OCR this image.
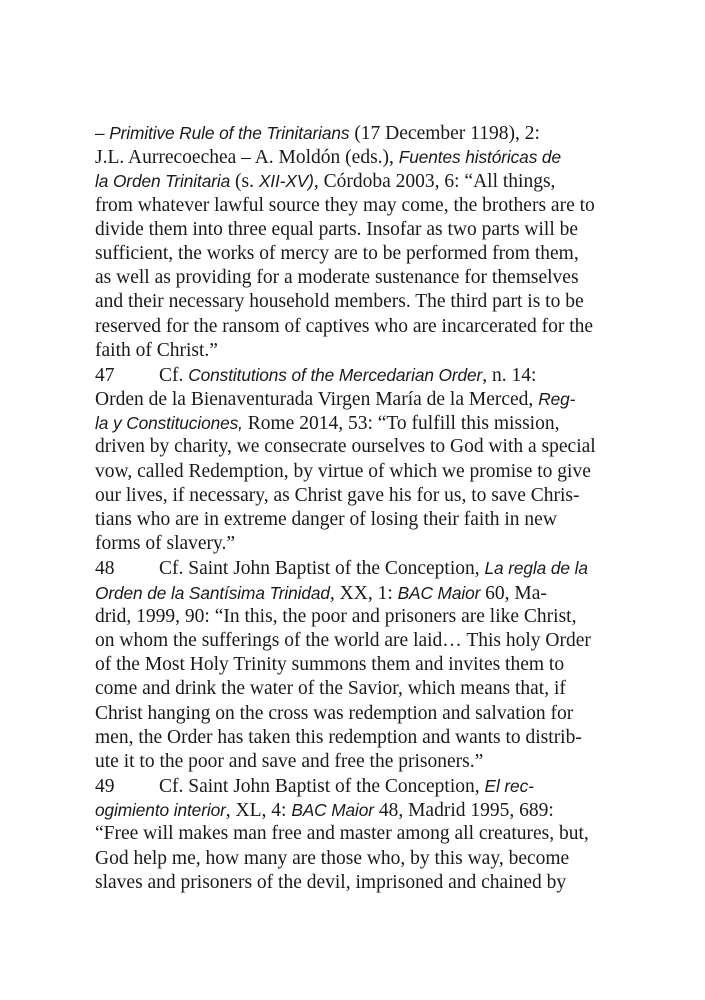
– Primitive Rule of the Trinitarians (17 December 1198), 2:
J.L. Aurrecoechea – A. Moldón (eds.), Fuentes históricas de
la Orden Trinitaria (s. XII-XV), Córdoba 2003, 6: “All things,
from whatever lawful source they may come, the brothers are to
divide them into three equal parts. Insofar as two parts will be
sufficient, the works of mercy are to be performed from them,
as well as providing for a moderate sustenance for themselves
and their necessary household members. The third part is to be
reserved for the ransom of captives who are incarcerated for the
faith of Christ.”
47 Cf. Constitutions of the Mercedarian Order, n. 14:
Orden de la Bienaventurada Virgen María de la Merced, Reg-
la y Constituciones, Rome 2014, 53: “To fulfill this mission,
driven by charity, we consecrate ourselves to God with a special
vow, called Redemption, by virtue of which we promise to give
our lives, if necessary, as Christ gave his for us, to save Chris-
tians who are in extreme danger of losing their faith in new
forms of slavery.”
48 Cf. Saint John Baptist of the Conception, La regla de la
Orden de la Santísima Trinidad, XX, 1: BAC Maior 60, Ma-
drid, 1999, 90: “In this, the poor and prisoners are like Christ,
on whom the sufferings of the world are laid… This holy Order
of the Most Holy Trinity summons them and invites them to
come and drink the water of the Savior, which means that, if
Christ hanging on the cross was redemption and salvation for
men, the Order has taken this redemption and wants to distrib-
ute it to the poor and save and free the prisoners.”
49 Cf. Saint John Baptist of the Conception, El rec-
ogimiento interior, XL, 4: BAC Maior 48, Madrid 1995, 689:
“Free will makes man free and master among all creatures, but,
God help me, how many are those who, by this way, become
slaves and prisoners of the devil, imprisoned and chained by
